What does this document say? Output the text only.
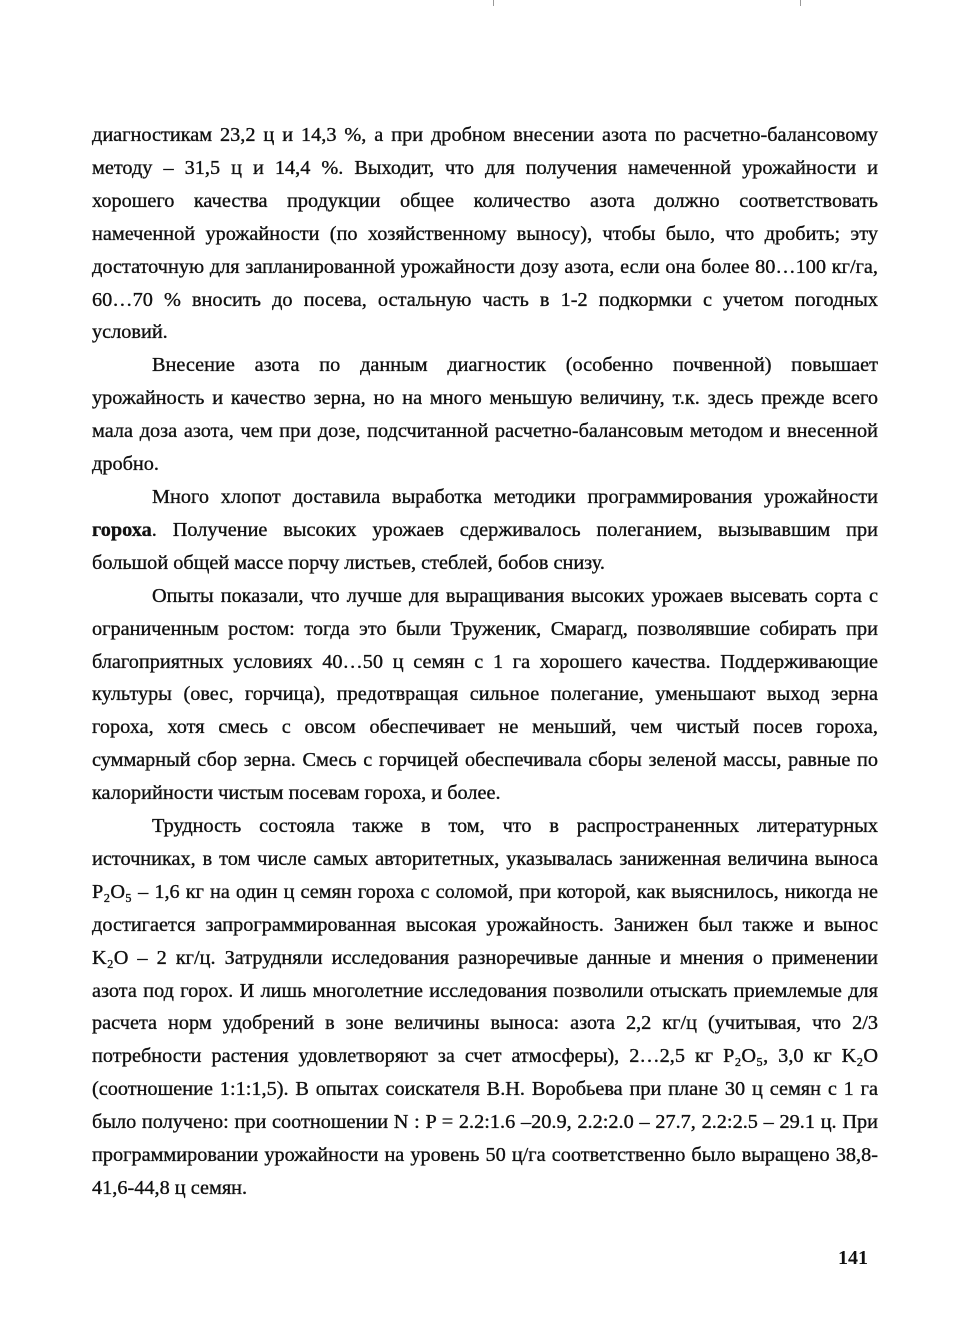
диагностикам 23,2 ц и 14,3 %, а при дробном внесении азота по расчетно-балансовому методу – 31,5 ц и 14,4 %. Выходит, что для получения намеченной урожайности и хорошего качества продукции общее количество азота должно соответствовать намеченной урожайности (по хозяйственному выносу), чтобы было, что дробить; эту достаточную для запланированной урожайности дозу азота, если она более 80…100 кг/га, 60…70 % вносить до посева, остальную часть в 1-2 подкормки с учетом погодных условий.

Внесение азота по данным диагностик (особенно почвенной) повышает урожайность и качество зерна, но на много меньшую величину, т.к. здесь прежде всего мала доза азота, чем при дозе, подсчитанной расчетно-балансовым методом и внесенной дробно.

Много хлопот доставила выработка методики программирования урожайности гороха. Получение высоких урожаев сдерживалось полеганием, вызывавшим при большой общей массе порчу листьев, стеблей, бобов снизу.

Опыты показали, что лучше для выращивания высоких урожаев высевать сорта с ограниченным ростом: тогда это были Труженик, Смарагд, позволявшие собирать при благоприятных условиях 40…50 ц семян с 1 га хорошего качества. Поддерживающие культуры (овес, горчица), предотвращая сильное полегание, уменьшают выход зерна гороха, хотя смесь с овсом обеспечивает не меньший, чем чистый посев гороха, суммарный сбор зерна. Смесь с горчицей обеспечивала сборы зеленой массы, равные по калорийности чистым посевам гороха, и более.

Трудность состояла также в том, что в распространенных литературных источниках, в том числе самых авторитетных, указывалась заниженная величина выноса P₂O₅ – 1,6 кг на один ц семян гороха с соломой, при которой, как выяснилось, никогда не достигается запрограммированная высокая урожайность. Занижен был также и вынос K₂O – 2 кг/ц. Затрудняли исследования разноречивые данные и мнения о применении азота под горох. И лишь многолетние исследования позволили отыскать приемлемые для расчета норм удобрений в зоне величины выноса: азота 2,2 кг/ц (учитывая, что 2/3 потребности растения удовлетворяют за счет атмосферы), 2…2,5 кг P₂O₅, 3,0 кг K₂O (соотношение 1:1:1,5). В опытах соискателя В.Н. Воробьева при плане 30 ц семян с 1 га было получено: при соотношении N : P = 2.2:1.6 –20.9, 2.2:2.0 – 27.7, 2.2:2.5 – 29.1 ц. При программировании урожайности на уровень 50 ц/га соответственно было выращено 38,8-41,6-44,8 ц семян.

141
